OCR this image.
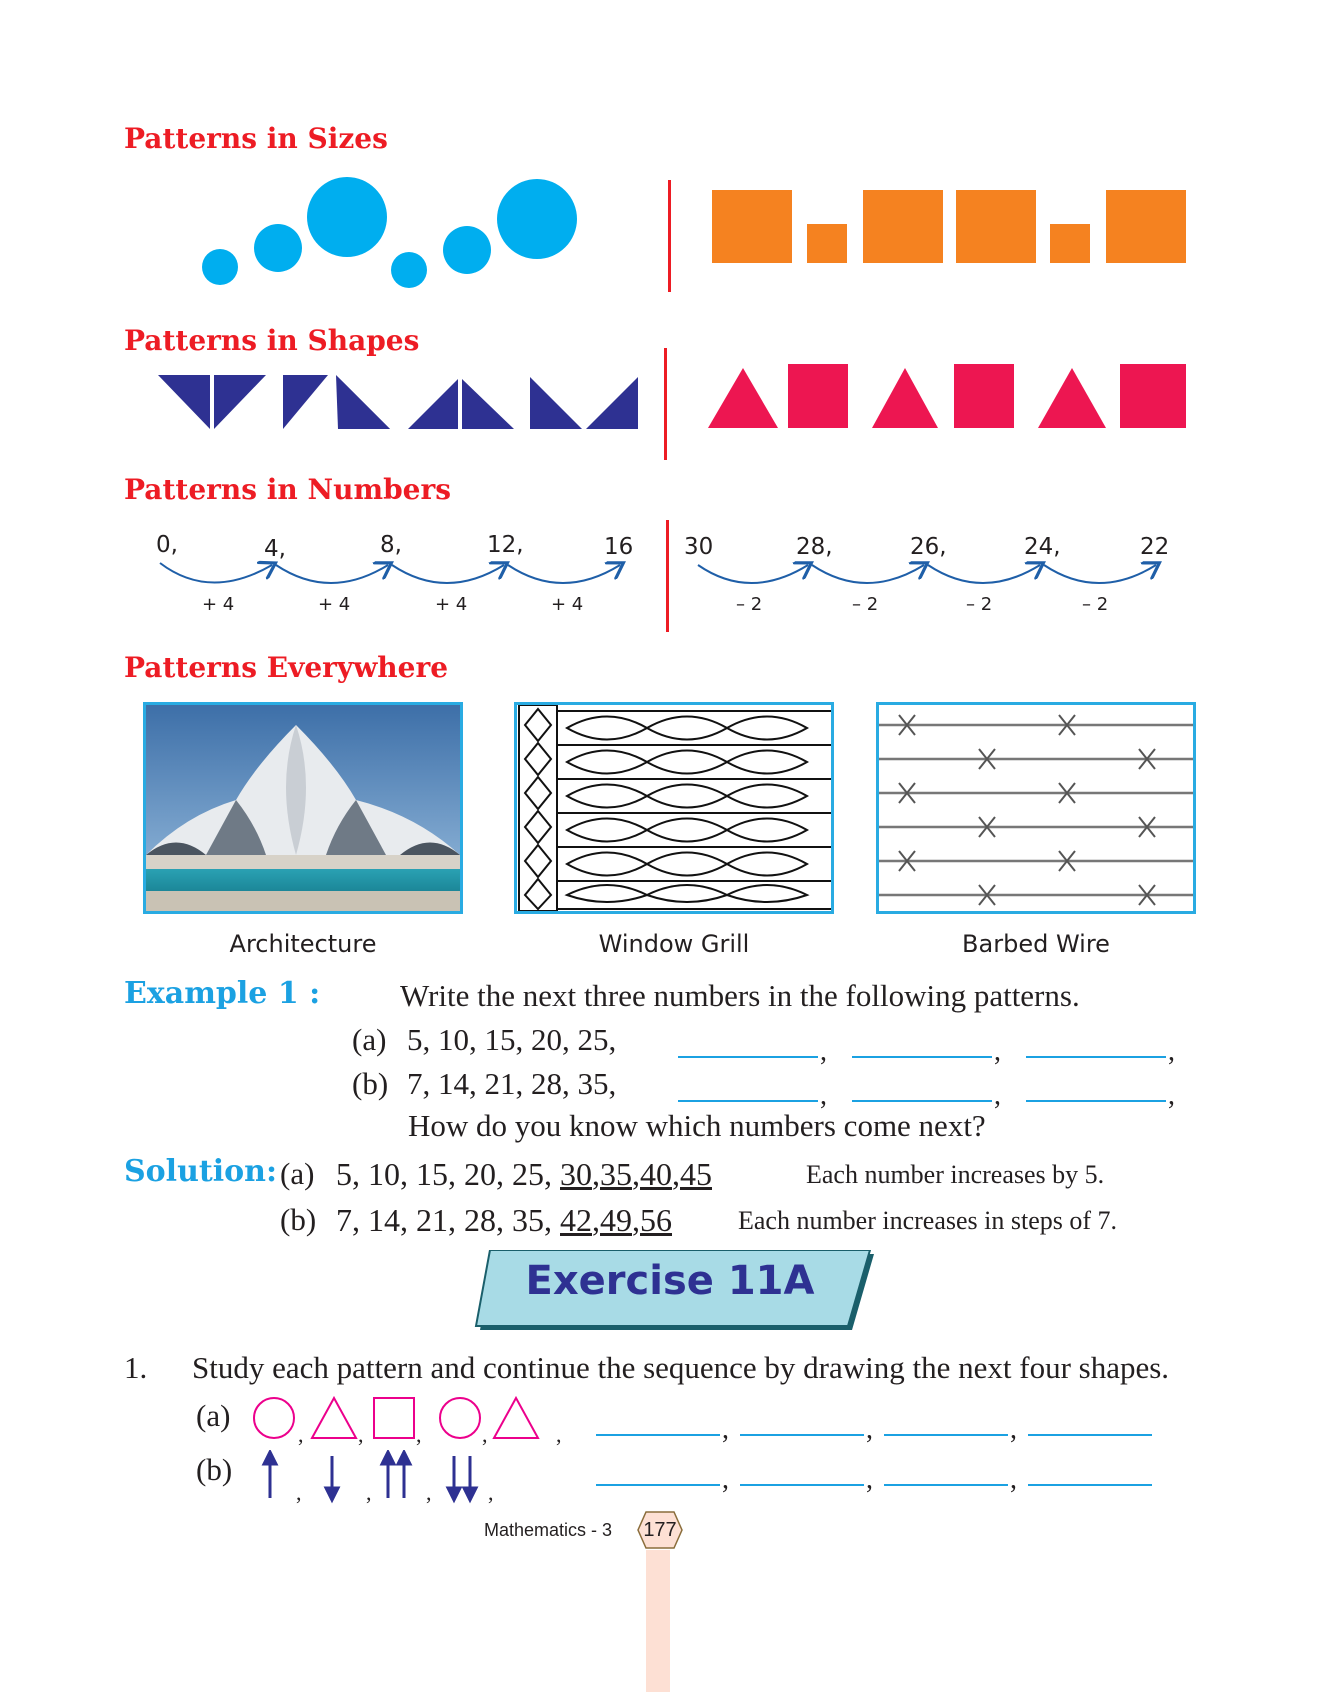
Patterns in Sizes
Patterns in Shapes
Patterns in Numbers
0,	4,	8,	12,	16
+ 4	+ 4	+ 4	+ 4
30	28,	26,	24,	22
– 2	– 2	– 2	– 2
Patterns Everywhere
Architecture	Window Grill	Barbed Wire
Example 1 :	Write the next three numbers in the following patterns.
(a) 5, 10, 15, 20, 25,	,	,	,
(b) 7, 14, 21, 28, 35,	,	,	,
How do you know which numbers come next?
Solution: (a) 5, 10, 15, 20, 25, 30,35,40,45	Each number increases by 5.
(b) 7, 14, 21, 28, 35, 42,49,56	Each number increases in steps of 7.
Exercise 11A
1. Study each pattern and continue the sequence by drawing the next four shapes.
(a)
, , ,	,	,	,	,	,
(b)
,	, ,	,	,	,	,
Mathematics - 3	177
